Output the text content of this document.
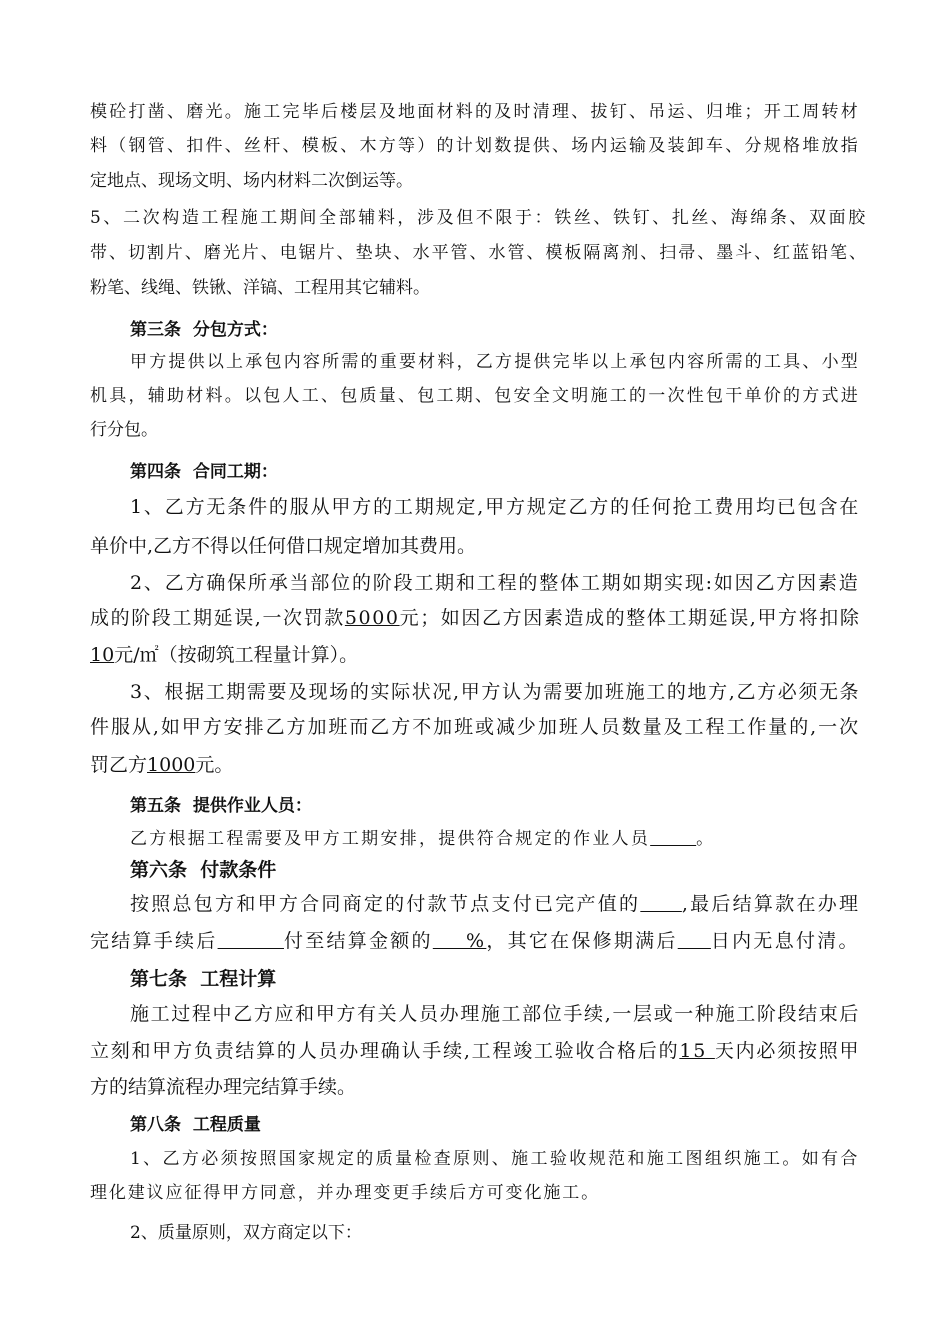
模砼打凿、磨光。施工完毕后楼层及地面材料的及时清理、拔钉、吊运、归堆；开工周转材
料（钢管、扣件、丝杆、模板、木方等）的计划数提供、场内运输及装卸车、分规格堆放指
定地点、现场文明、场内材料二次倒运等。
5、二次构造工程施工期间全部辅料，涉及但不限于：铁丝、铁钉、扎丝、海绵条、双面胶
带、切割片、磨光片、电锯片、垫块、水平管、水管、模板隔离剂、扫帚、墨斗、红蓝铅笔、
粉笔、线绳、铁锹、洋镐、工程用其它辅料。
第三条  分包方式：
甲方提供以上承包内容所需的重要材料，乙方提供完毕以上承包内容所需的工具、小型
机具，辅助材料。以包人工、包质量、包工期、包安全文明施工的一次性包干单价的方式进
行分包。
第四条  合同工期：
1、乙方无条件的服从甲方的工期规定,甲方规定乙方的任何抢工费用均已包含在
单价中,乙方不得以任何借口规定增加其费用。
2、乙方确保所承当部位的阶段工期和工程的整体工期如期实现:如因乙方因素造
成的阶段工期延误,一次罚款5000元；如因乙方因素造成的整体工期延误,甲方将扣除
10元/㎡（按砌筑工程量计算）。
3、根据工期需要及现场的实际状况,甲方认为需要加班施工的地方,乙方必须无条
件服从,如甲方安排乙方加班而乙方不加班或减少加班人员数量及工程工作量的,一次
罚乙方1000元。
第五条  提供作业人员：
乙方根据工程需要及甲方工期安排，提供符合规定的作业人员	。
第六条  付款条件
按照总包方和甲方合同商定的付款节点支付已完产值的 ,最后结算款在办理
完结算手续后	付至结算金额的    %，其它在保修期满后 日内无息付清。
第七条  工程计算
施工过程中乙方应和甲方有关人员办理施工部位手续,一层或一种施工阶段结束后
立刻和甲方负责结算的人员办理确认手续,工程竣工验收合格后的15 天内必须按照甲
方的结算流程办理完结算手续。
第八条  工程质量
1、乙方必须按照国家规定的质量检查原则、施工验收规范和施工图组织施工。如有合
理化建议应征得甲方同意，并办理变更手续后方可变化施工。
2、质量原则，双方商定以下：
